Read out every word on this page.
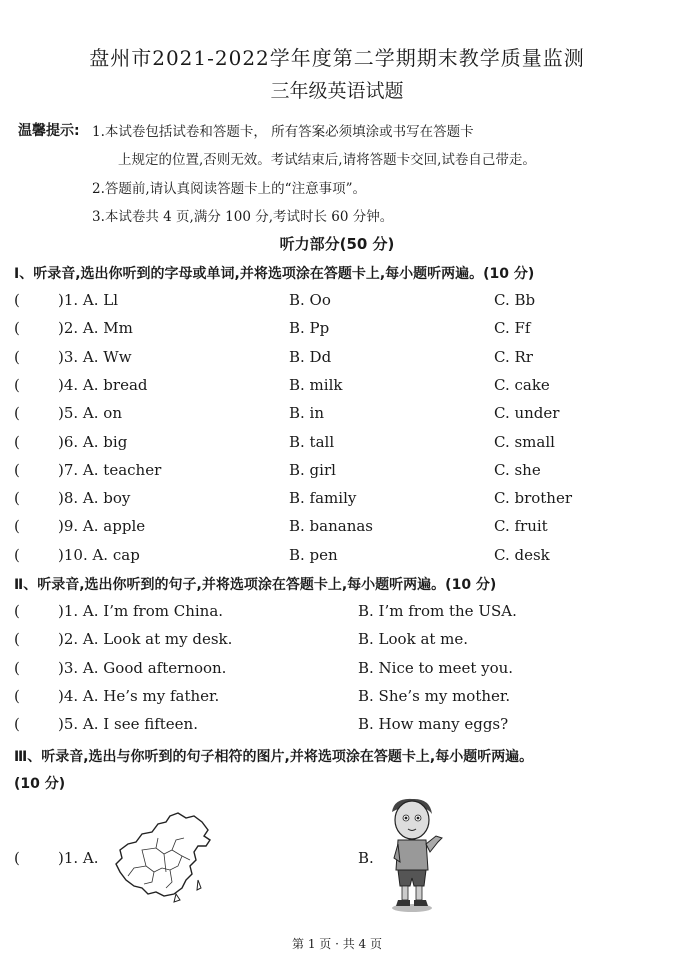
盘州市2021-2022学年度第二学期期末教学质量监测
三年级英语试题
温馨提示: 1.本试卷包括试卷和答题卡， 所有答案必须填涂或书写在答题卡
上规定的位置,否则无效。考试结束后,请将答题卡交回,试卷自己带走。
2.答题前,请认真阅读答题卡上的“注意事项”。
3.本试卷共 4 页,满分 100 分,考试时长 60 分钟。
听力部分(50 分)
Ⅰ、听录音,选出你听到的字母或单词,并将选项涂在答题卡上,每小题听两遍。(10 分)
(	)1. A. Ll	B. Oo	C. Bb
(	)2. A. Mm	B. Pp	C. Ff
(	)3. A. Ww	B. Dd	C. Rr
(	)4. A. bread	B. milk	C. cake
(	)5. A. on	B. in	C. under
(	)6. A. big	B. tall	C. small
(	)7. A. teacher	B. girl	C. she
(	)8. A. boy	B. family	C. brother
(	)9. A. apple	B. bananas	C. fruit
(	)10. A. cap	B. pen	C. desk
Ⅱ、听录音,选出你听到的句子,并将选项涂在答题卡上,每小题听两遍。(10 分)
(	)1. A. I’m from China.	B. I’m from the USA.
(	)2. A. Look at my desk.	B. Look at me.
(	)3. A. Good afternoon.	B. Nice to meet you.
(	)4. A. He’s my father.	B. She’s my mother.
(	)5. A. I see fifteen.	B. How many eggs?
Ⅲ、听录音,选出与你听到的句子相符的图片,并将选项涂在答题卡上,每小题听两遍。
(10 分)
(	)1. A.	B.
第 1 页 · 共 4 页
